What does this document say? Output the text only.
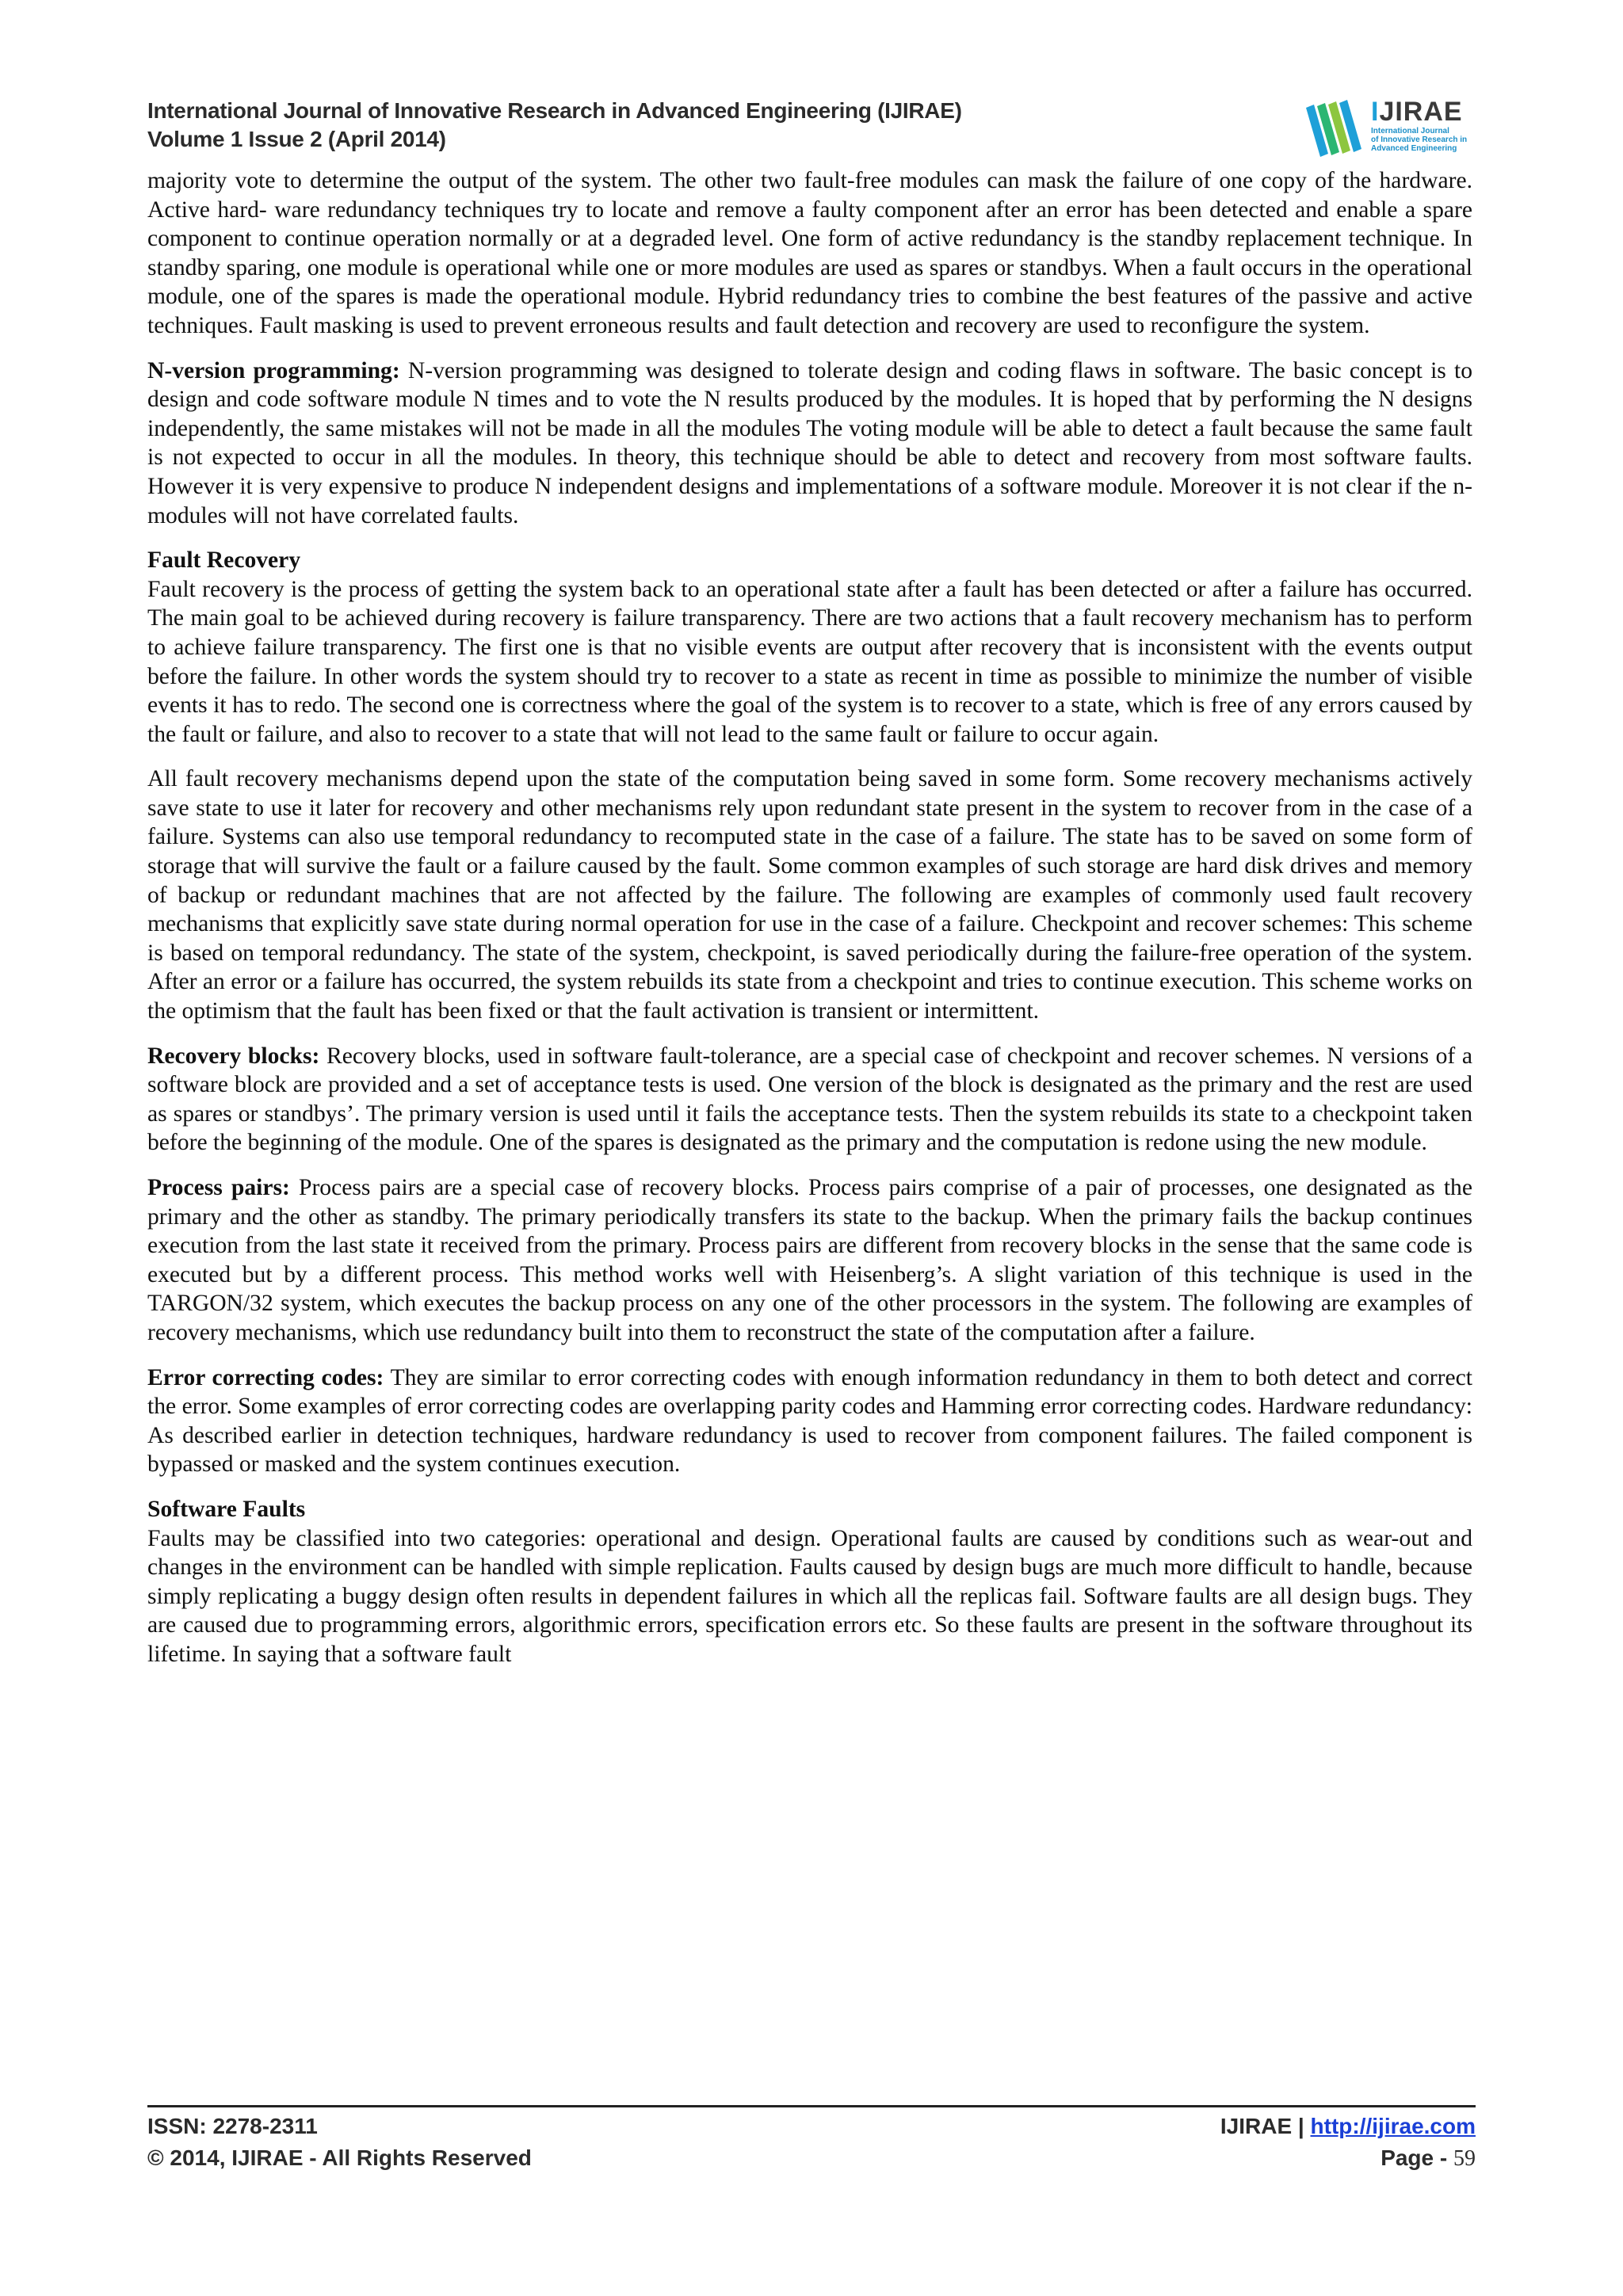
International Journal of Innovative Research in Advanced Engineering (IJIRAE)

Volume 1 Issue 2 (April 2014)

IJIRAE
International Journal
of Innovative Research in
Advanced Engineering

majority vote to determine the output of the system. The other two fault-free modules can mask the failure of one copy of the hardware. Active hard- ware redundancy techniques try to locate and remove a faulty component after an error has been detected and enable a spare component to continue operation normally or at a degraded level. One form of active redundancy is the standby replacement technique. In standby sparing, one module is operational while one or more modules are used as spares or standbys. When a fault occurs in the operational module, one of the spares is made the operational module. Hybrid redundancy tries to combine the best features of the passive and active techniques. Fault masking is used to prevent erroneous results and fault detection and recovery are used to reconfigure the system.

N-version programming: N-version programming was designed to tolerate design and coding flaws in software. The basic concept is to design and code software module N times and to vote the N results produced by the modules. It is hoped that by performing the N designs independently, the same mistakes will not be made in all the modules The voting module will be able to detect a fault because the same fault is not expected to occur in all the modules. In theory, this technique should be able to detect and recovery from most software faults. However it is very expensive to produce N independent designs and implementations of a software module. Moreover it is not clear if the n-modules will not have correlated faults.

Fault Recovery

Fault recovery is the process of getting the system back to an operational state after a fault has been detected or after a failure has occurred. The main goal to be achieved during recovery is failure transparency. There are two actions that a fault recovery mechanism has to perform to achieve failure transparency. The first one is that no visible events are output after recovery that is inconsistent with the events output before the failure. In other words the system should try to recover to a state as recent in time as possible to minimize the number of visible events it has to redo. The second one is correctness where the goal of the system is to recover to a state, which is free of any errors caused by the fault or failure, and also to recover to a state that will not lead to the same fault or failure to occur again.

All fault recovery mechanisms depend upon the state of the computation being saved in some form. Some recovery mechanisms actively save state to use it later for recovery and other mechanisms rely upon redundant state present in the system to recover from in the case of a failure. Systems can also use temporal redundancy to recomputed state in the case of a failure. The state has to be saved on some form of storage that will survive the fault or a failure caused by the fault. Some common examples of such storage are hard disk drives and memory of backup or redundant machines that are not affected by the failure. The following are examples of commonly used fault recovery mechanisms that explicitly save state during normal operation for use in the case of a failure. Checkpoint and recover schemes: This scheme is based on temporal redundancy. The state of the system, checkpoint, is saved periodically during the failure-free operation of the system. After an error or a failure has occurred, the system rebuilds its state from a checkpoint and tries to continue execution. This scheme works on the optimism that the fault has been fixed or that the fault activation is transient or intermittent.

Recovery blocks: Recovery blocks, used in software fault-tolerance, are a special case of checkpoint and recover schemes. N versions of a software block are provided and a set of acceptance tests is used. One version of the block is designated as the primary and the rest are used as spares or standbys’. The primary version is used until it fails the acceptance tests. Then the system rebuilds its state to a checkpoint taken before the beginning of the module. One of the spares is designated as the primary and the computation is redone using the new module.

Process pairs: Process pairs are a special case of recovery blocks. Process pairs comprise of a pair of processes, one designated as the primary and the other as standby. The primary periodically transfers its state to the backup. When the primary fails the backup continues execution from the last state it received from the primary. Process pairs are different from recovery blocks in the sense that the same code is executed but by a different process. This method works well with Heisenberg’s. A slight variation of this technique is used in the TARGON/32 system, which executes the backup process on any one of the other processors in the system. The following are examples of recovery mechanisms, which use redundancy built into them to reconstruct the state of the computation after a failure.

Error correcting codes: They are similar to error correcting codes with enough information redundancy in them to both detect and correct the error. Some examples of error correcting codes are overlapping parity codes and Hamming error correcting codes. Hardware redundancy: As described earlier in detection techniques, hardware redundancy is used to recover from component failures. The failed component is bypassed or masked and the system continues execution.

Software Faults

Faults may be classified into two categories: operational and design. Operational faults are caused by conditions such as wear-out and changes in the environment can be handled with simple replication. Faults caused by design bugs are much more difficult to handle, because simply replicating a buggy design often results in dependent failures in which all the replicas fail. Software faults are all design bugs. They are caused due to programming errors, algorithmic errors, specification errors etc. So these faults are present in the software throughout its lifetime. In saying that a software fault

ISSN: 2278-2311	IJIRAE | http://ijirae.com
© 2014, IJIRAE - All Rights Reserved	Page - 59
